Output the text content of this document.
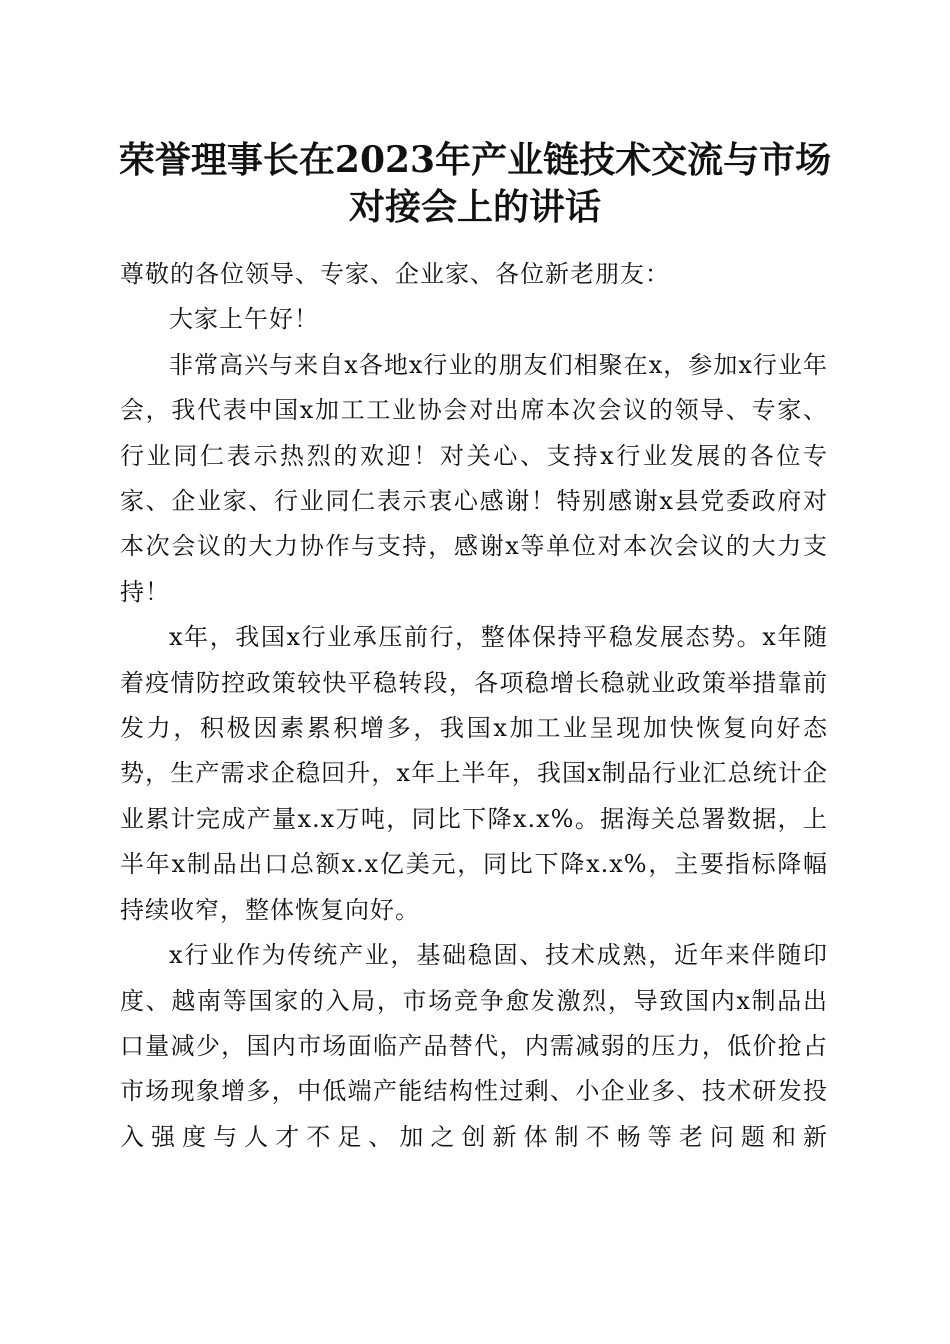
荣誉理事长在2023年产业链技术交流与市场
对接会上的讲话

尊敬的各位领导、专家、企业家、各位新老朋友：

大家上午好！

非常高兴与来自x各地x行业的朋友们相聚在x，参加x行业年会，我代表中国x加工工业协会对出席本次会议的领导、专家、行业同仁表示热烈的欢迎！对关心、支持x行业发展的各位专家、企业家、行业同仁表示衷心感谢！特别感谢x县党委政府对本次会议的大力协作与支持，感谢x等单位对本次会议的大力支持！

x年，我国x行业承压前行，整体保持平稳发展态势。x年随着疫情防控政策较快平稳转段，各项稳增长稳就业政策举措靠前发力，积极因素累积增多，我国x加工业呈现加快恢复向好态势，生产需求企稳回升，x年上半年，我国x制品行业汇总统计企业累计完成产量x.x万吨，同比下降x.x%。据海关总署数据，上半年x制品出口总额x.x亿美元，同比下降x.x%，主要指标降幅持续收窄，整体恢复向好。

x行业作为传统产业，基础稳固、技术成熟，近年来伴随印度、越南等国家的入局，市场竞争愈发激烈，导致国内x制品出口量减少，国内市场面临产品替代，内需减弱的压力，低价抢占市场现象增多，中低端产能结构性过剩、小企业多、技术研发投入强度与人才不足、加之创新体制不畅等老问题和新
